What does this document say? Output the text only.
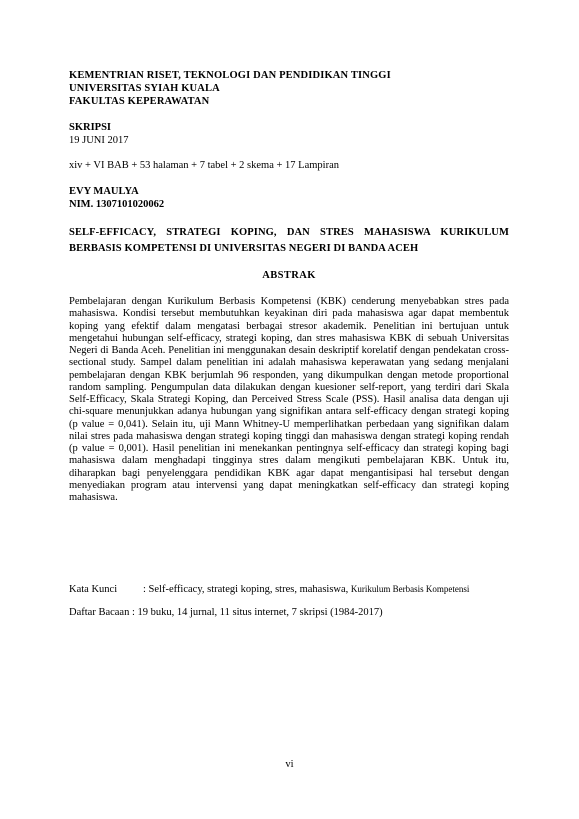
KEMENTRIAN RISET, TEKNOLOGI DAN PENDIDIKAN TINGGI
UNIVERSITAS SYIAH KUALA
FAKULTAS KEPERAWATAN
SKRIPSI
19 JUNI 2017
xiv + VI BAB + 53 halaman + 7 tabel + 2 skema + 17 Lampiran
EVY MAULYA
NIM. 1307101020062
SELF-EFFICACY, STRATEGI KOPING, DAN STRES MAHASISWA KURIKULUM
BERBASIS KOMPETENSI DI UNIVERSITAS NEGERI DI BANDA ACEH
ABSTRAK
Pembelajaran dengan Kurikulum Berbasis Kompetensi (KBK) cenderung menyebabkan stres pada mahasiswa. Kondisi tersebut membutuhkan keyakinan diri pada mahasiswa agar dapat membentuk koping yang efektif dalam mengatasi berbagai stresor akademik. Penelitian ini bertujuan untuk mengetahui hubungan self-efficacy, strategi koping, dan stres mahasiswa KBK di sebuah Universitas Negeri di Banda Aceh. Penelitian ini menggunakan desain deskriptif korelatif dengan pendekatan cross-sectional study. Sampel dalam penelitian ini adalah mahasiswa keperawatan yang sedang menjalani pembelajaran dengan KBK berjumlah 96 responden, yang dikumpulkan dengan metode proportional random sampling. Pengumpulan data dilakukan dengan kuesioner self-report, yang terdiri dari Skala Self-Efficacy, Skala Strategi Koping, dan Perceived Stress Scale (PSS). Hasil analisa data dengan uji chi-square menunjukkan adanya hubungan yang signifikan antara self-efficacy dengan strategi koping (p value = 0,041). Selain itu, uji Mann Whitney-U memperlihatkan perbedaan yang signifikan dalam nilai stres pada mahasiswa dengan strategi koping tinggi dan mahasiswa dengan strategi koping rendah (p value = 0,001). Hasil penelitian ini menekankan pentingnya self-efficacy dan strategi koping bagi mahasiswa dalam menghadapi tingginya stres dalam mengikuti pembelajaran KBK. Untuk itu, diharapkan bagi penyelenggara pendidikan KBK agar dapat mengantisipasi hal tersebut dengan menyediakan program atau intervensi yang dapat meningkatkan self-efficacy dan strategi koping mahasiswa.
Kata Kunci : Self-efficacy, strategi koping, stres, mahasiswa, Kurikulum Berbasis Kompetensi
Daftar Bacaan : 19 buku, 14 jurnal, 11 situs internet, 7 skripsi (1984-2017)
vi
